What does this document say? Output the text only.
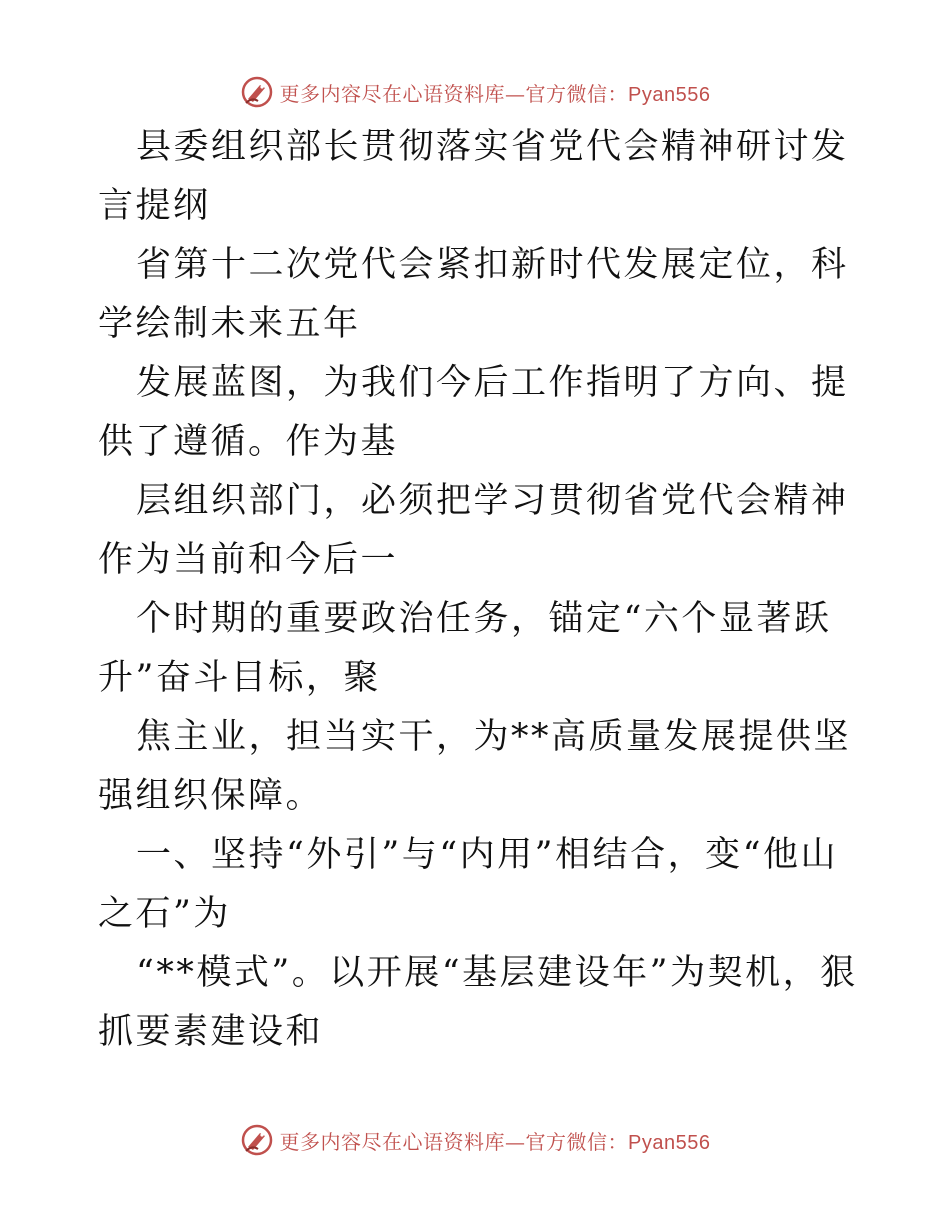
更多内容尽在心语资料库—官方微信：Pyan556

县委组织部长贯彻落实省党代会精神研讨发言提纲

省第十二次党代会紧扣新时代发展定位，科学绘制未来五年

发展蓝图，为我们今后工作指明了方向、提供了遵循。作为基

层组织部门，必须把学习贯彻省党代会精神作为当前和今后一

个时期的重要政治任务，锚定“六个显著跃升”奋斗目标，聚

焦主业，担当实干，为**高质量发展提供坚强组织保障。

一、坚持“外引”与“内用”相结合，变“他山之石”为

“**模式”。以开展“基层建设年”为契机，狠抓要素建设和

更多内容尽在心语资料库—官方微信：Pyan556
